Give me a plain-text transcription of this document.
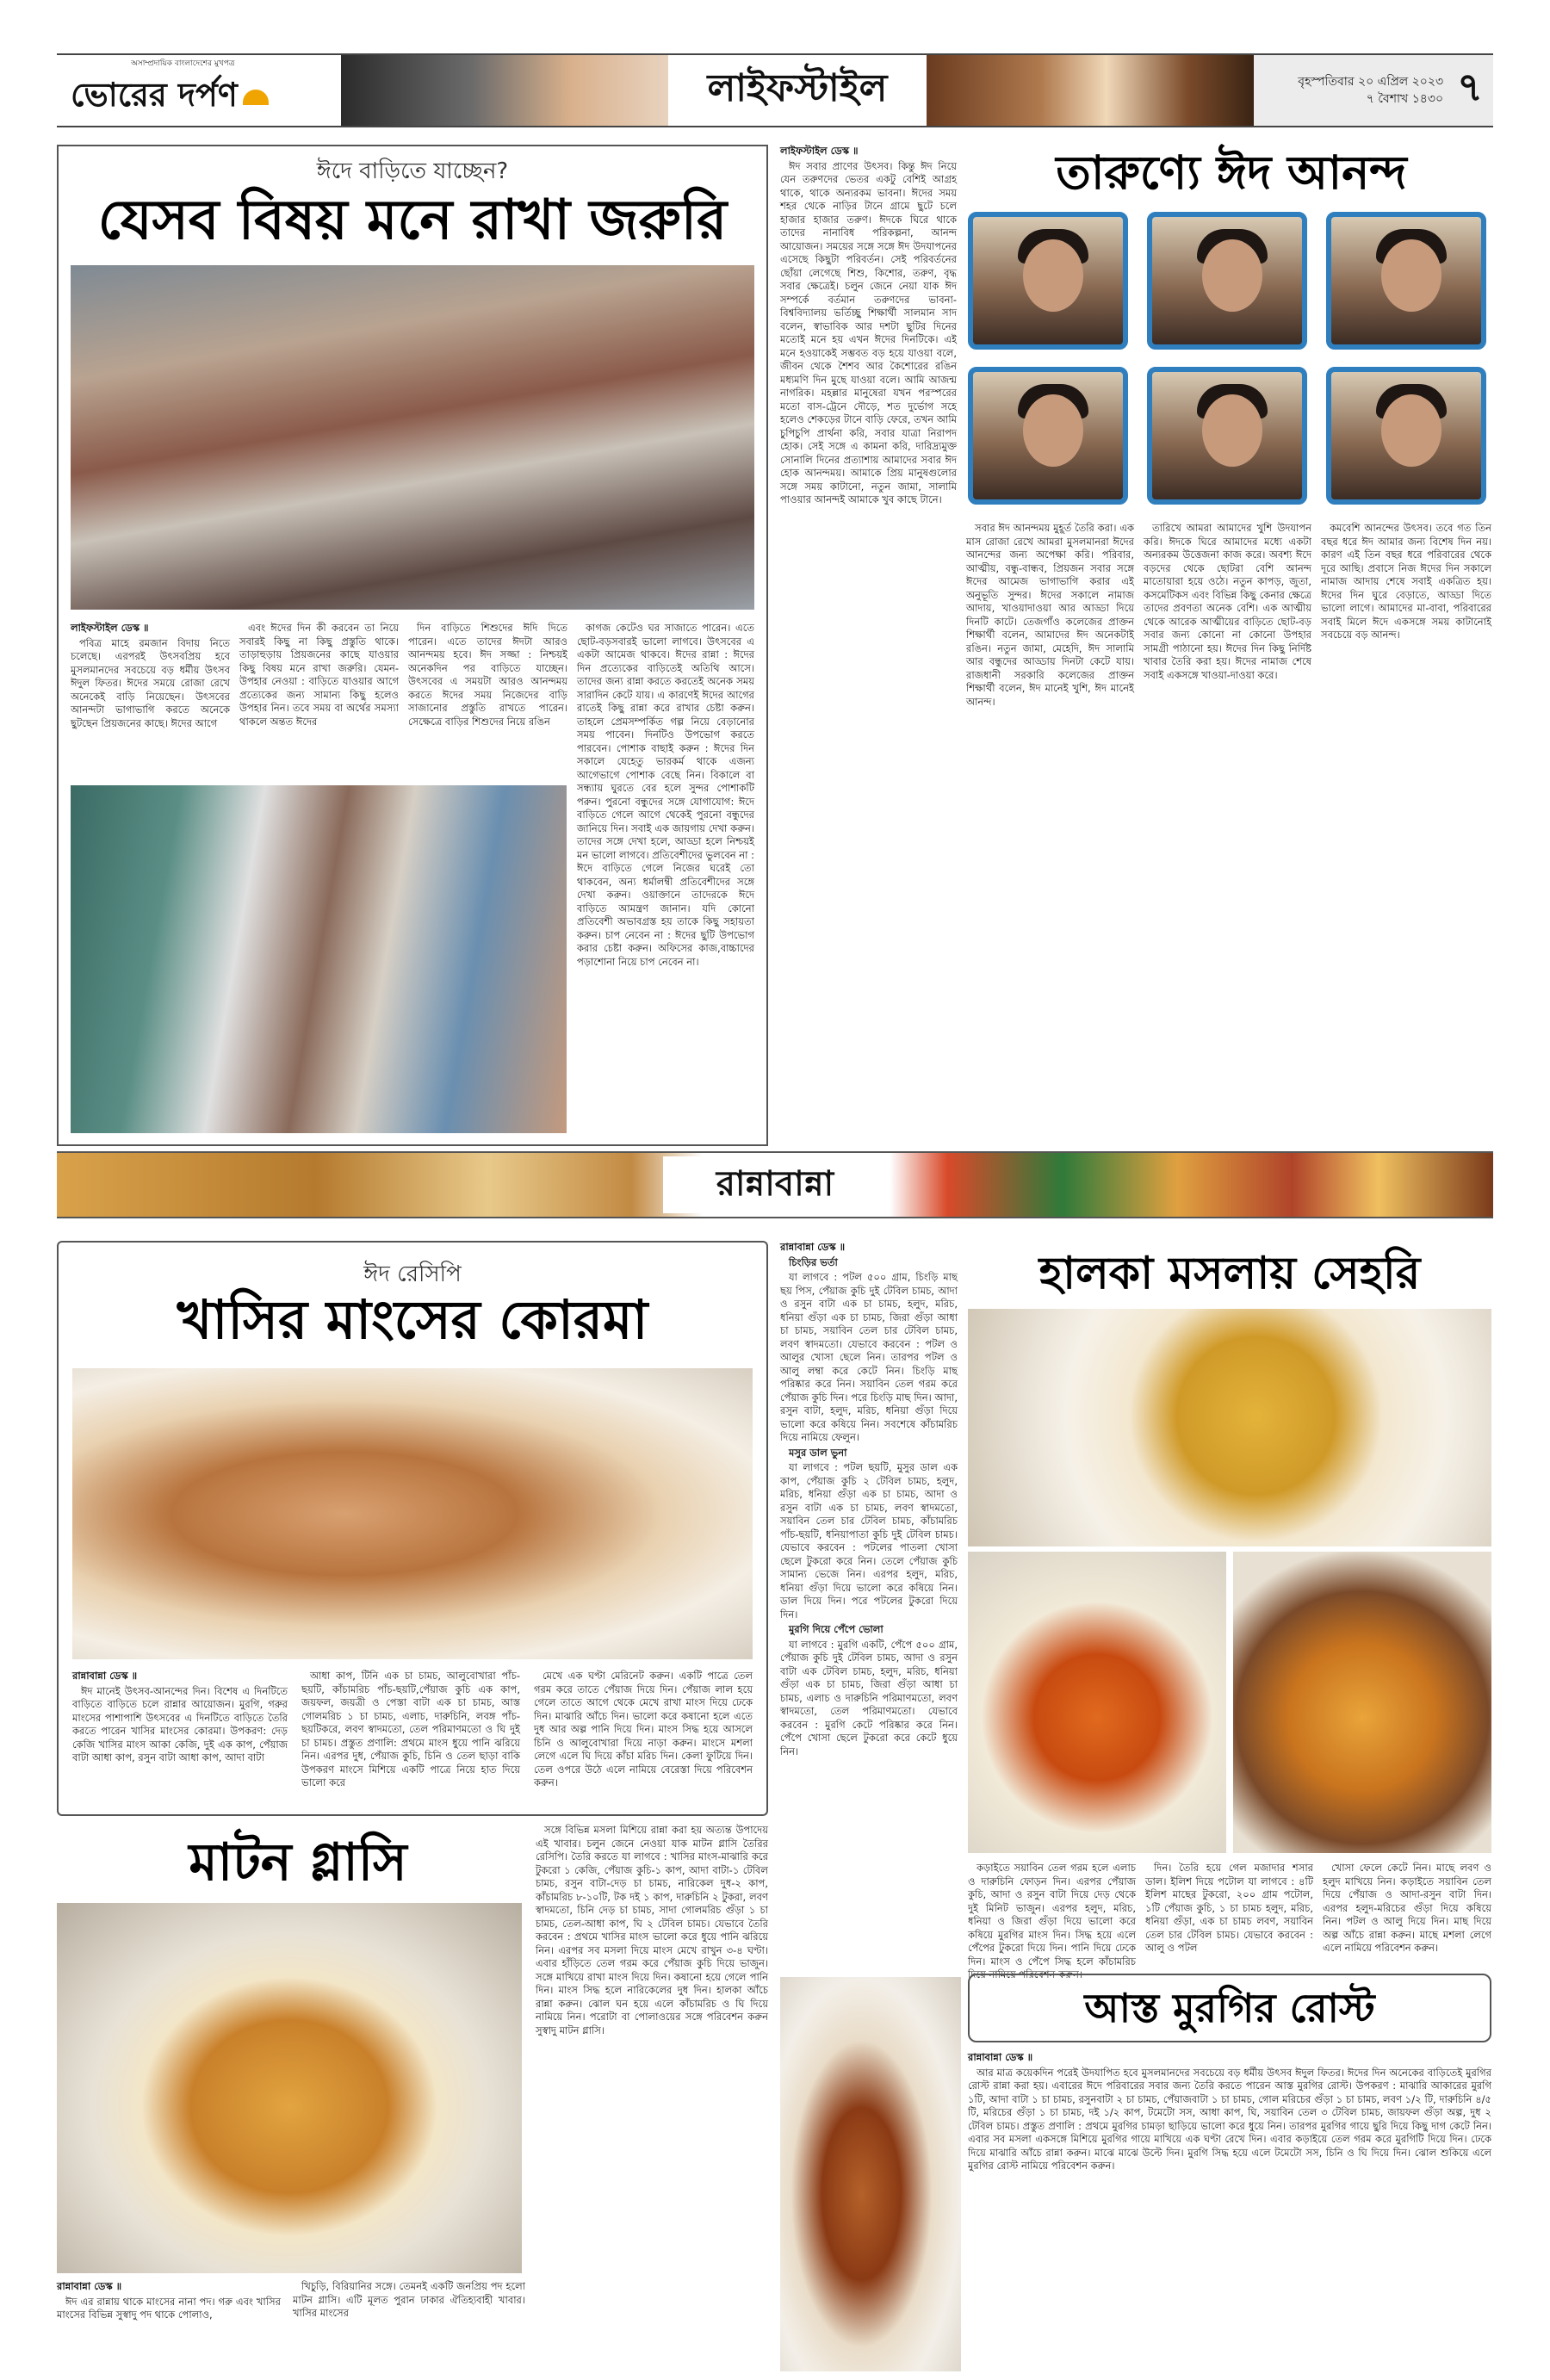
অসাম্প্রদায়িক বাংলাদেশের মুখপত্র
ভোরের দর্পণ	লাইফস্টাইল	বৃহস্পতিবার ২০ এপ্রিল ২০২৩
৭ বৈশাখ ১৪৩০ ৭
ঈদে বাড়িতে যাচ্ছেন?
যেসব বিষয় মনে রাখা জরুরি

লাইফস্টাইল ডেস্ক ॥

পবিত্র মাহে রমজান বিদায় নিতে চলেছে। এরপরই উৎসবপ্রিয় হবে মুসলমানদের সবচেয়ে বড় ধর্মীয় উৎসব ঈদুল ফিতর। ঈদের সময়ে রোজা রেখে অনেকেই বাড়ি নিয়েছেন। উৎসবের আনন্দটা ভাগাভাগি করতে অনেকে ছুটছেন প্রিয়জনের কাছে। ঈদের আগে

এবং ঈদের দিন কী করবেন তা নিয়ে সবারই কিছু না কিছু প্রস্তুতি থাকে। তাড়াহুড়ায় প্রিয়জনের কাছে যাওয়ার কিছু বিষয় মনে রাখা জরুরি। যেমন- উপহার নেওয়া : বাড়িতে যাওয়ার আগে প্রত্যেকের জন্য সামান্য কিছু হলেও উপহার নিন। তবে সময় বা অর্থের সমস্যা থাকলে অন্তত ঈদের

দিন বাড়িতে শিশুদের ঈদি দিতে পারেন। এতে তাদের ঈদটা আরও আনন্দময় হবে। ঈদ সজ্জা : নিশ্চয়ই অনেকদিন পর বাড়িতে যাচ্ছেন। উৎসবের এ সময়টা আরও আনন্দময় করতে ঈদের সময় নিজেদের বাড়ি সাজানোর প্রস্তুতি রাখতে পারেন। সেক্ষেত্রে বাড়ির শিশুদের নিয়ে রঙিন

কাগজ কেটেও ঘর সাজাতে পারেন। এতে ছোট-বড়সবারই ভালো লাগবে। উৎসবের এ একটা আমেজ থাকবে। ঈদের রান্না : ঈদের দিন প্রত্যেকের বাড়িতেই অতিথি আসে। তাদের জন্য রান্না করতে করতেই অনেক সময় সারাদিন কেটে যায়। এ কারণেই ঈদের আগের রাতেই কিছু রান্না করে রাখার চেষ্টা করুন। তাহলে প্রেমসম্পর্কিত গল্প নিয়ে বেড়ানোর সময় পাবেন। দিনটিও উপভোগ করতে পারবেন। পোশাক বাছাই করুন : ঈদের দিন সকালে যেহেতু ভারকর্ম থাকে এজন্য আগেভাগে পোশাক বেছে নিন। বিকালে বা সন্ধ্যায় ঘুরতে বের হলে সুন্দর পোশাকটি পরুন। পুরনো বন্ধুদের সঙ্গে যোগাযোগ: ঈদে বাড়িতে গেলে আগে থেকেই পুরনো বন্ধুদের জানিয়ে দিন। সবাই এক জায়গায় দেখা করুন। তাদের সঙ্গে দেখা হলে, আড্ডা হলে নিশ্চয়ই মন ভালো লাগবে। প্রতিবেশীদের ভুলবেন না : ঈদে বাড়িতে গেলে নিজের ঘরেই তো থাকবেন, অন্য ধর্মালম্বী প্রতিবেশীদের সঙ্গে দেখা করুন। ওয়াক্তানে তাদেরকে ঈদে বাড়িতে আমন্ত্রণ জানান। যদি কোনো প্রতিবেশী অভাবগ্রস্ত হয় তাকে কিছু সহায়তা করুন। চাপ নেবেন না : ঈদের ছুটি উপভোগ করার চেষ্টা করুন। অফিসের কাজ,বাচ্চাদের পড়াশোনা নিয়ে চাপ নেবেন না।

লাইফস্টাইল ডেস্ক ॥

ঈদ সবার প্রাণের উৎসব। কিন্তু ঈদ নিয়ে যেন তরুণদের ভেতর একটু বেশিই আগ্রহ থাকে, থাকে অন্যরকম ভাবনা। ঈদের সময় শহর থেকে নাড়ির টানে গ্রামে ছুটে চলে হাজার হাজার তরুণ। ঈদকে ঘিরে থাকে তাদের নানাবিধ পরিকল্পনা, আনন্দ আয়োজন। সময়ের সঙ্গে সঙ্গে ঈদ উদযাপনের এসেছে কিছুটা পরিবর্তন। সেই পরিবর্তনের ছোঁয়া লেগেছে শিশু, কিশোর, তরুণ, বৃদ্ধ সবার ক্ষেত্রেই। চলুন জেনে নেয়া যাক ঈদ সম্পর্কে বর্তমান তরুণদের ভাবনা- বিশ্ববিদ্যালয় ভর্তিচ্ছু শিক্ষার্থী সালমান সাদ বলেন, স্বাভাবিক আর দশটা ছুটির দিনের মতোই মনে হয় এখন ঈদের দিনটিকে। এই মনে হওয়াকেই সম্ভবত বড় হয়ে যাওয়া বলে, জীবন থেকে শৈশব আর কৈশোরের রঙিন মধ্যমণি দিন মুছে যাওয়া বলে। আমি আজন্ম নাগরিক। মহল্লার মানুষেরা যখন পরস্পরের মতো বাস-ট্রেনে দৌড়ে, শত দুর্ভোগ সহে হলেও শেকড়ের টানে বাড়ি ফেরে, তখন আমি চুপিচুপি প্রার্থনা করি, সবার যাত্রা নিরাপদ হোক। সেই সঙ্গে এ কামনা করি, দারিদ্র্যমুক্ত সোনালি দিনের প্রত্যাশায় আমাদের সবার ঈদ হোক আনন্দময়। আমাকে প্রিয় মানুষগুলোর সঙ্গে সময় কাটানো, নতুন জামা, সালামি পাওয়ার আনন্দই আমাকে খুব কাছে টানে।

তারুণ্যে ঈদ আনন্দ

সবার ঈদ আনন্দময় মুহূর্ত তৈরি করা। এক মাস রোজা রেখে আমরা মুসলমানরা ঈদের আনন্দের জন্য অপেক্ষা করি। পরিবার, আত্মীয়, বন্ধু-বান্ধব, প্রিয়জন সবার সঙ্গে ঈদের আমেজ ভাগাভাগি করার এই অনুভূতি সুন্দর। ঈদের সকালে নামাজ আদায়, খাওয়াদাওয়া আর আড্ডা দিয়ে দিনটি কাটে। তেজগাঁও কলেজের প্রাক্তন শিক্ষার্থী বলেন, আমাদের ঈদ অনেকটাই রঙিন। নতুন জামা, মেহেদি, ঈদ সালামি আর বন্ধুদের আড্ডায় দিনটা কেটে যায়। রাজধানী সরকারি কলেজের প্রাক্তন শিক্ষার্থী বলেন, ঈদ মানেই খুশি, ঈদ মানেই আনন্দ।

তারিখে আমরা আমাদের খুশি উদযাপন করি। ঈদকে ঘিরে আমাদের মধ্যে একটা অন্যরকম উত্তেজনা কাজ করে। অবশ্য ঈদে বড়দের থেকে ছোটরা বেশি আনন্দ মাতোয়ারা হয়ে ওঠে। নতুন কাপড়, জুতা, কসমেটিকস এবং বিভিন্ন কিছু কেনার ক্ষেত্রে তাদের প্রবণতা অনেক বেশি। এক আত্মীয় থেকে আরেক আত্মীয়ের বাড়িতে ছোট-বড় সবার জন্য কোনো না কোনো উপহার সামগ্রী পাঠানো হয়। ঈদের দিন কিছু নির্দিষ্ট খাবার তৈরি করা হয়। ঈদের নামাজ শেষে সবাই একসঙ্গে খাওয়া-দাওয়া করে।

কমবেশি আনন্দের উৎসব। তবে গত তিন বছর ধরে ঈদ আমার জন্য বিশেষ দিন নয়। কারণ এই তিন বছর ধরে পরিবারের থেকে দূরে আছি। প্রবাসে নিজ ঈদের দিন সকালে নামাজ আদায় শেষে সবাই একত্রিত হয়। ঈদের দিন ঘুরে বেড়াতে, আড্ডা দিতে ভালো লাগে। আমাদের মা-বাবা, পরিবারের সবাই মিলে ঈদে একসঙ্গে সময় কাটানোই সবচেয়ে বড় আনন্দ।

রান্নাবান্না
ঈদ রেসিপি
খাসির মাংসের কোরমা

রান্নাবান্না ডেস্ক ॥

ঈদ মানেই উৎসব-আনন্দের দিন। বিশেষ এ দিনটিতে বাড়িতে বাড়িতে চলে রান্নার আয়োজন। মুরগি, গরুর মাংসের পাশাপাশি উৎসবের এ দিনটিতে বাড়িতে তৈরি করতে পারেন খাসির মাংসের কোরমা। উপকরণ: দেড় কেজি খাসির মাংস আকা কেজি, দুই এক কাপ, পেঁয়াজ বাটা আধা কাপ, রসুন বাটা আধা কাপ, আদা বাটা

আধা কাপ, টিনি এক চা চামচ, আলুবোখারা পাঁচ-ছয়টি, কাঁচামরিচ পাঁচ-ছয়টি,পেঁয়াজ কুচি এক কাপ, জয়ফল, জয়ত্রী ও পেস্তা বাটা এক চা চামচ, আস্ত গোলমরিচ ১ চা চামচ, এলাচ, দারুচিনি, লবঙ্গ পাঁচ-ছয়টিকরে, লবণ স্বাদমতো, তেল পরিমাণমতো ও ঘি দুই চা চামচ। প্রস্তুত প্রণালি: প্রথমে মাংস ধুয়ে পানি ঝরিয়ে নিন। এরপর দুধ, পেঁয়াজ কুচি, চিনি ও তেল ছাড়া বাকি উপকরণ মাংসে মিশিয়ে একটি পাত্রে নিয়ে হাত দিয়ে ভালো করে

মেখে এক ঘণ্টা মেরিনেট করুন। একটি পাত্রে তেল গরম করে তাতে পেঁয়াজ দিয়ে দিন। পেঁয়াজ লাল হয়ে গেলে তাতে আগে থেকে মেখে রাখা মাংস দিয়ে ঢেকে দিন। মাঝারি আঁচে দিন। ভালো করে কষানো হলে এতে দুধ আর অল্প পানি দিয়ে দিন। মাংস সিদ্ধ হয়ে আসলে চিনি ও আলুবোখারা দিয়ে নাড়া করুন। মাংসে মশলা লেগে এলে ঘি দিয়ে কাঁচা মরিচ দিন। কেলা ফুটিয়ে দিন। তেল ওপরে উঠে এলে নামিয়ে বেরেস্তা দিয়ে পরিবেশন করুন।

রান্নাবান্না ডেস্ক ॥

চিংড়ির ভর্তা

যা লাগবে : পটল ৫০০ গ্রাম, চিংড়ি মাছ ছয় পিস, পেঁয়াজ কুচি দুই টেবিল চামচ, আদা ও রসুন বাটা এক চা চামচ, হলুদ, মরিচ, ধনিয়া গুঁড়া এক চা চামচ, জিরা গুঁড়া আধা চা চামচ, সয়াবিন তেল চার টেবিল চামচ, লবণ স্বাদমতো। যেভাবে করবেন : পটল ও আলুর খোসা ছেলে নিন। তারপর পটল ও আলু লম্বা করে কেটে নিন। চিংড়ি মাছ পরিষ্কার করে নিন। সয়াবিন তেল গরম করে পেঁয়াজ কুচি দিন। পরে চিংড়ি মাছ দিন। আদা, রসুন বাটা, হলুদ, মরিচ, ধনিয়া গুঁড়া দিয়ে ভালো করে কষিয়ে নিন। সবশেষে কাঁচামরিচ দিয়ে নামিয়ে ফেলুন।

মসুর ডাল ভুনা

যা লাগবে : পটল ছয়টি, মুসুর ডাল এক কাপ, পেঁয়াজ কুচি ২ টেবিল চামচ, হলুদ, মরিচ, ধনিয়া গুঁড়া এক চা চামচ, আদা ও রসুন বাটা এক চা চামচ, লবণ স্বাদমতো, সয়াবিন তেল চার টেবিল চামচ, কাঁচামরিচ পাঁচ-ছয়টি, ধনিয়াপাতা কুচি দুই টেবিল চামচ। যেভাবে করবেন : পটলের পাতলা খোসা ছেলে টুকরো করে নিন। তেলে পেঁয়াজ কুচি সামান্য ভেজে নিন। এরপর হলুদ, মরিচ, ধনিয়া গুঁড়া দিয়ে ভালো করে কষিয়ে নিন। ডাল দিয়ে দিন। পরে পটলের টুকরো দিয়ে দিন।

মুরগি দিয়ে পেঁপে ভোলা

যা লাগবে : মুরগি একটি, পেঁপে ৫০০ গ্রাম, পেঁয়াজ কুচি দুই টেবিল চামচ, আদা ও রসুন বাটা এক টেবিল চামচ, হলুদ, মরিচ, ধনিয়া গুঁড়া এক চা চামচ, জিরা গুঁড়া আধা চা চামচ, এলাচ ও দারুচিনি পরিমাণমতো, লবণ স্বাদমতো, তেল পরিমাণমতো। যেভাবে করবেন : মুরগি কেটে পরিষ্কার করে নিন। পেঁপে খোসা ছেলে টুকরো করে কেটে ধুয়ে নিন।

হালকা মসলায় সেহরি

কড়াইতে সয়াবিন তেল গরম হলে এলাচ ও দারুচিনি ফোড়ন দিন। এরপর পেঁয়াজ কুচি, আদা ও রসুন বাটা দিয়ে দেড় থেকে দুই মিনিট ভাজুন। এরপর হলুদ, মরিচ, ধনিয়া ও জিরা গুঁড়া দিয়ে ভালো করে কষিয়ে মুরগির মাংস দিন। সিদ্ধ হয়ে এলে পেঁপের টুকরো দিয়ে দিন। পানি দিয়ে ঢেকে দিন। মাংস ও পেঁপে সিদ্ধ হলে কাঁচামরিচ দিয়ে নামিয়ে পরিবেশন করুন।

দিন। তৈরি হয়ে গেল মজাদার শসার ডাল। ইলিশ দিয়ে পটোল যা লাগবে : ৪টি ইলিশ মাছের টুকরো, ২০০ গ্রাম পটোল, ১টি পেঁয়াজ কুচি, ১ চা চামচ হলুদ, মরিচ, ধনিয়া গুঁড়া, এক চা চামচ লবণ, সয়াবিন তেল চার টেবিল চামচ। যেভাবে করবেন : আলু ও পটল

খোসা ফেলে কেটে নিন। মাছে লবণ ও হলুদ মাখিয়ে নিন। কড়াইতে সয়াবিন তেল দিয়ে পেঁয়াজ ও আদা-রসুন বাটা দিন। এরপর হলুদ-মরিচের গুঁড়া দিয়ে কষিয়ে নিন। পটল ও আলু দিয়ে দিন। মাছ দিয়ে অল্প আঁচে রান্না করুন। মাছে মশলা লেগে এলে নামিয়ে পরিবেশন করুন।

মাটন গ্লাসি

রান্নাবান্না ডেস্ক ॥

ঈদ এর রান্নায় থাকে মাংসের নানা পদ। গরু এবং খাসির মাংসের বিভিন্ন সুস্বাদু পদ থাকে পোলাও,

খিচুড়ি, বিরিয়ানির সঙ্গে। তেমনই একটি জনপ্রিয় পদ হলো মাটন গ্লাসি। এটি মূলত পুরান ঢাকার ঐতিহ্যবাহী খাবার। খাসির মাংসের

সঙ্গে বিভিন্ন মসলা মিশিয়ে রান্না করা হয় অত্যন্ত উপাদেয় এই খাবার। চলুন জেনে নেওয়া যাক মাটন গ্লাসি তৈরির রেসিপি। তৈরি করতে যা লাগবে : খাসির মাংস-মাঝারি করে টুকরো ১ কেজি, পেঁয়াজ কুচি-১ কাপ, আদা বাটা-১ টেবিল চামচ, রসুন বাটা-দেড় চা চামচ, নারিকেল দুধ-২ কাপ, কাঁচামরিচ ৮-১০টি, টক দই ১ কাপ, দারুচিনি ২ টুকরা, লবণ স্বাদমতো, চিনি দেড় চা চামচ, সাদা গোলমরিচ গুঁড়া ১ চা চামচ, তেল-আধা কাপ, ঘি ২ টেবিল চামচ। যেভাবে তৈরি করবেন : প্রথমে খাসির মাংস ভালো করে ধুয়ে পানি ঝরিয়ে নিন। এরপর সব মসলা দিয়ে মাংস মেখে রাখুন ৩-৪ ঘণ্টা। এবার হাঁড়িতে তেল গরম করে পেঁয়াজ কুচি দিয়ে ভাজুন। সঙ্গে মাখিয়ে রাখা মাংস দিয়ে দিন। কষানো হয়ে গেলে পানি দিন। মাংস সিদ্ধ হলে নারিকেলের দুধ দিন। হালকা আঁচে রান্না করুন। ঝোল ঘন হয়ে এলে কাঁচামরিচ ও ঘি দিয়ে নামিয়ে নিন। পরোটা বা পোলাওয়ের সঙ্গে পরিবেশন করুন সুস্বাদু মাটন গ্লাসি।	আস্ত মুরগির রোস্ট

রান্নাবান্না ডেস্ক ॥

আর মাত্র কয়েকদিন পরেই উদযাপিত হবে মুসলমানদের সবচেয়ে বড় ধর্মীয় উৎসব ঈদুল ফিতর। ঈদের দিন অনেকের বাড়িতেই মুরগির রোস্ট রান্না করা হয়। এবারের ঈদে পরিবারের সবার জন্য তৈরি করতে পারেন আস্ত মুরগির রোস্ট। উপকরণ : মাঝারি আকারের মুরগি ১টি, আদা বাটা ১ চা চামচ, রসুনবাটা ২ চা চামচ, পেঁয়াজবাটা ১ চা চামচ, গোল মরিচের গুঁড়া ১ চা চামচ, লবণ ১/২ টি, দারুচিনি ৪/৫ টি, মরিচের গুঁড়া ১ চা চামচ, দই ১/২ কাপ, টমেটো সস, আধা কাপ, ঘি, সয়াবিন তেল ৩ টেবিল চামচ, জায়ফল গুঁড়া অল্প, দুধ ২ টেবিল চামচ। প্রস্তুত প্রণালি : প্রথমে মুরগির চামড়া ছাড়িয়ে ভালো করে ধুয়ে নিন। তারপর মুরগির গায়ে ছুরি দিয়ে কিছু দাগ কেটে নিন। এবার সব মসলা একসঙ্গে মিশিয়ে মুরগির গায়ে মাখিয়ে এক ঘণ্টা রেখে দিন। এবার কড়াইয়ে তেল গরম করে মুরগিটি দিয়ে দিন। ঢেকে দিয়ে মাঝারি আঁচে রান্না করুন। মাঝে মাঝে উল্টে দিন। মুরগি সিদ্ধ হয়ে এলে টমেটো সস, চিনি ও ঘি দিয়ে দিন। ঝোল শুকিয়ে এলে মুরগির রোস্ট নামিয়ে পরিবেশন করুন।
